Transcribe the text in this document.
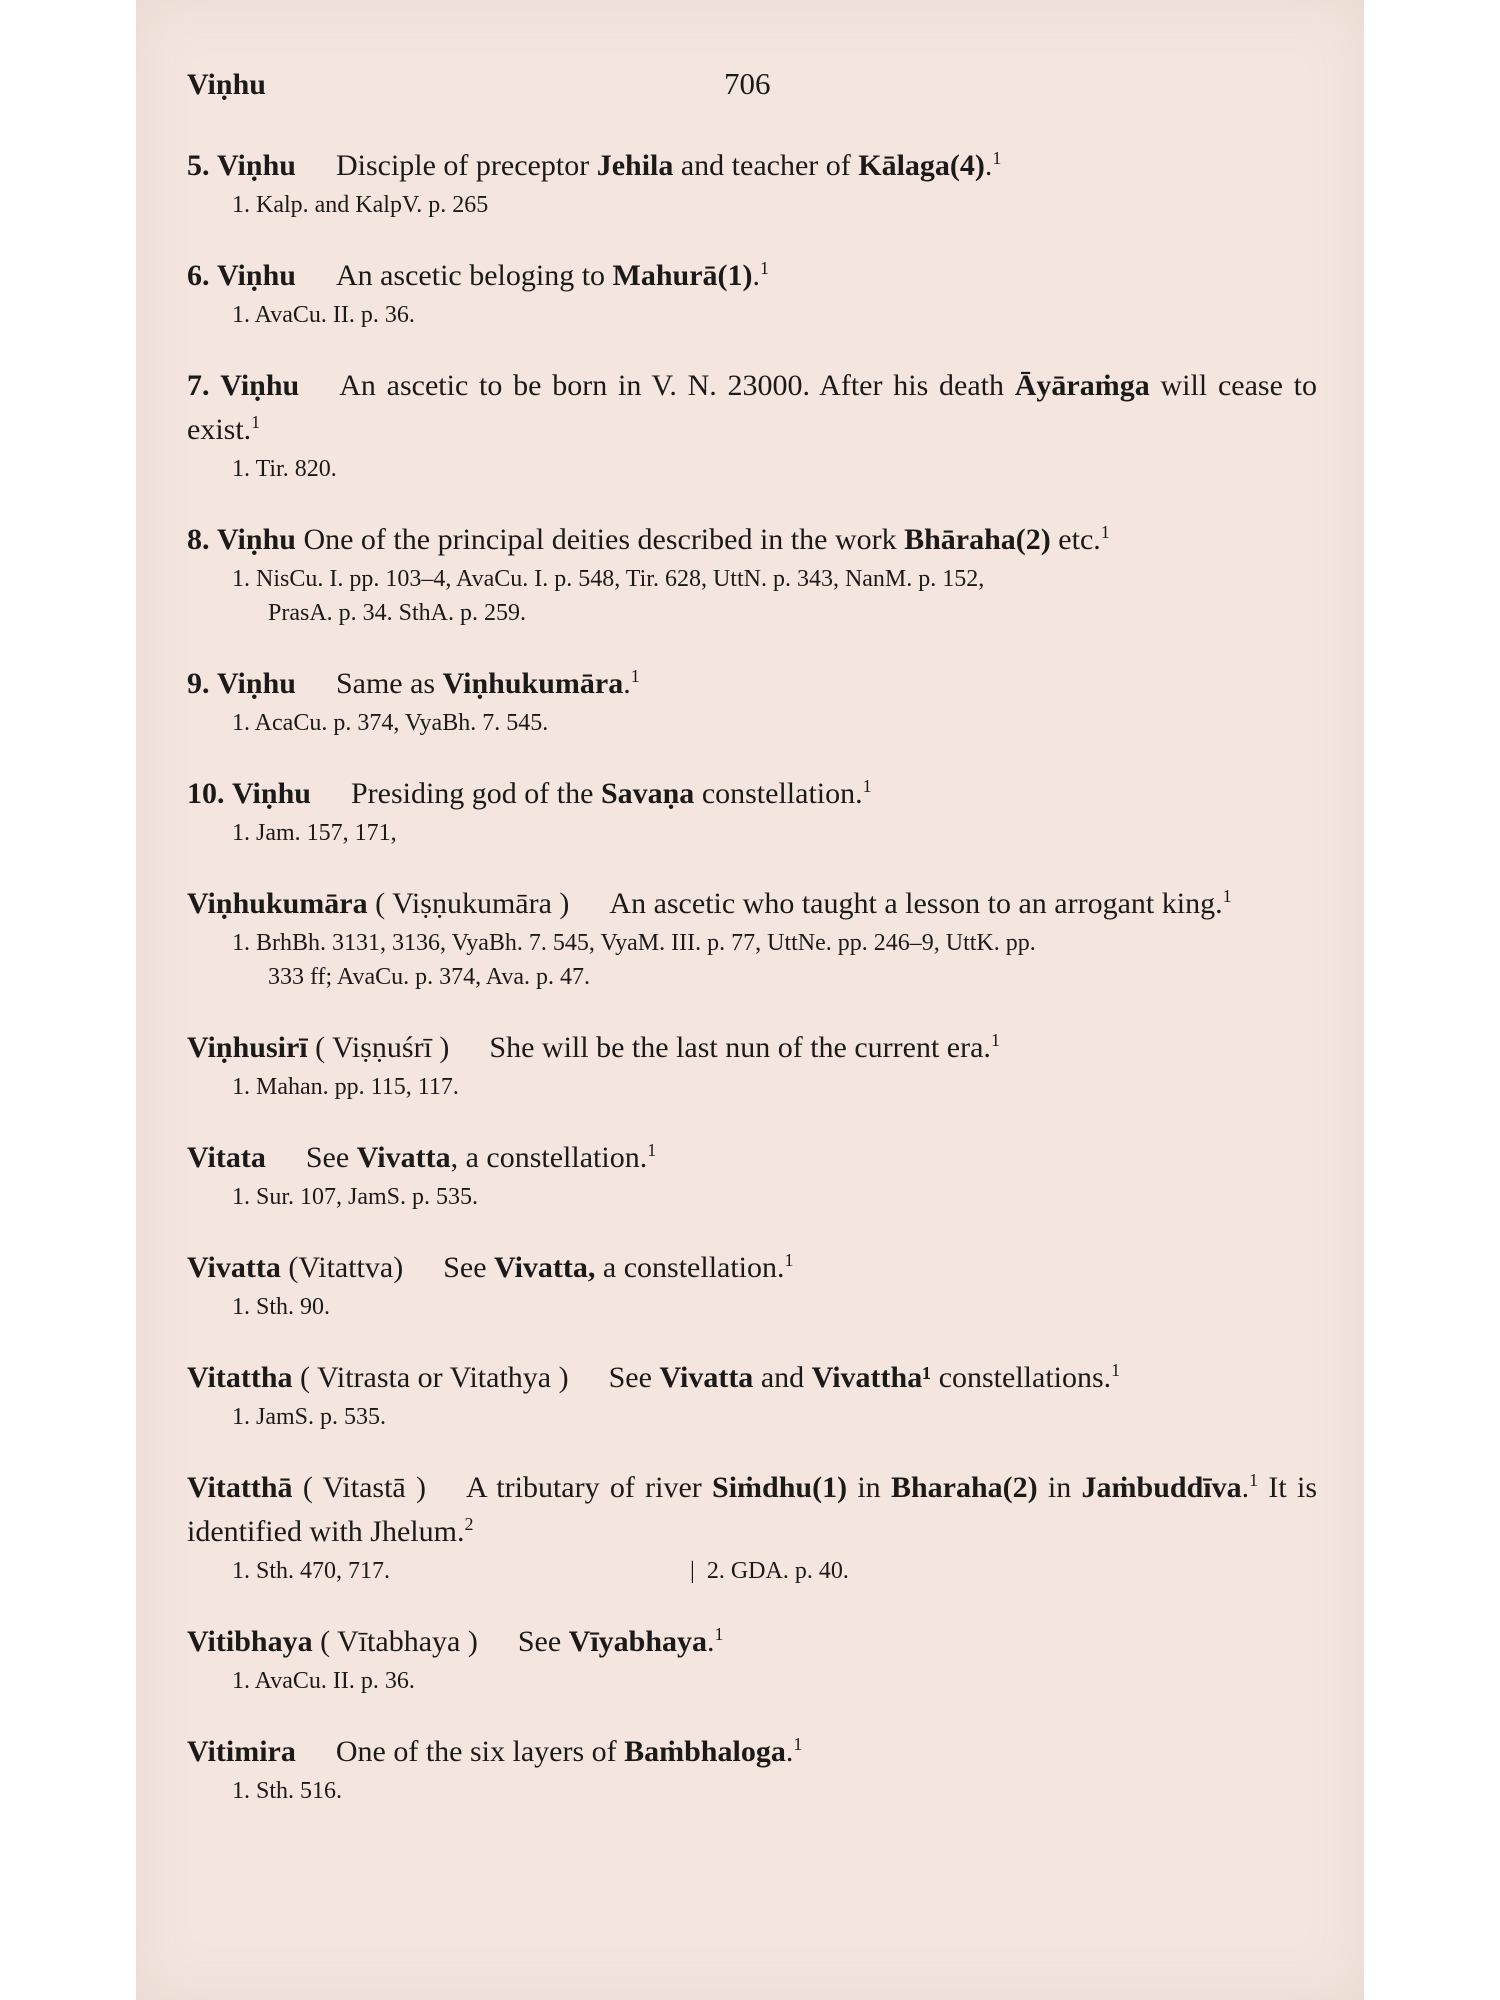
Viṇhu	706
5. Viṇhu Disciple of preceptor Jehila and teacher of Kālaga(4).$^1$
1. Kalp. and KalpV. p. 265
6. Viṇhu An ascetic beloging to Mahurā(1).$^1$
1. AvaCu. II. p. 36.
7. Viṇhu An ascetic to be born in V. N. 23000. After his death Āyāraṁga will cease to exist.$^1$
1. Tir. 820.
8. Viṇhu One of the principal deities described in the work Bhāraha(2) etc.$^1$
1. NisCu. I. pp. 103–4, AvaCu. I. p. 548, Tir. 628, UttN. p. 343, NanM. p. 152,
PrasA. p. 34. SthA. p. 259.
9. Viṇhu Same as Viṇhukumāra.$^1$
1. AcaCu. p. 374, VyaBh. 7. 545.
10. Viṇhu Presiding god of the Savaṇa constellation.$^1$
1. Jam. 157, 171,
Viṇhukumāra ( Viṣṇukumāra ) An ascetic who taught a lesson to an arrogant king.$^1$
1. BrhBh. 3131, 3136, VyaBh. 7. 545, VyaM. III. p. 77, UttNe. pp. 246–9, UttK. pp.
333 ff; AvaCu. p. 374, Ava. p. 47.
Viṇhusirī ( Viṣṇuśrī ) She will be the last nun of the current era.$^1$
1. Mahan. pp. 115, 117.
Vitata See Vivatta, a constellation.$^1$
1. Sur. 107, JamS. p. 535.
Vivatta (Vitattva) See Vivatta, a constellation.$^1$
1. Sth. 90.
Vitattha ( Vitrasta or Vitathya ) See Vivatta and Vivattha¹ constellations.$^1$
1. JamS. p. 535.
Vitatthā ( Vitastā ) A tributary of river Siṁdhu(1) in Bharaha(2) in Jaṁbuddīva.$^1$ It is identified with Jhelum.$^2$
1. Sth. 470, 717.	|  2. GDA. p. 40.
Vitibhaya ( Vītabhaya ) See Vīyabhaya.$^1$
1. AvaCu. II. p. 36.
Vitimira One of the six layers of Baṁbhaloga.$^1$
1. Sth. 516.
